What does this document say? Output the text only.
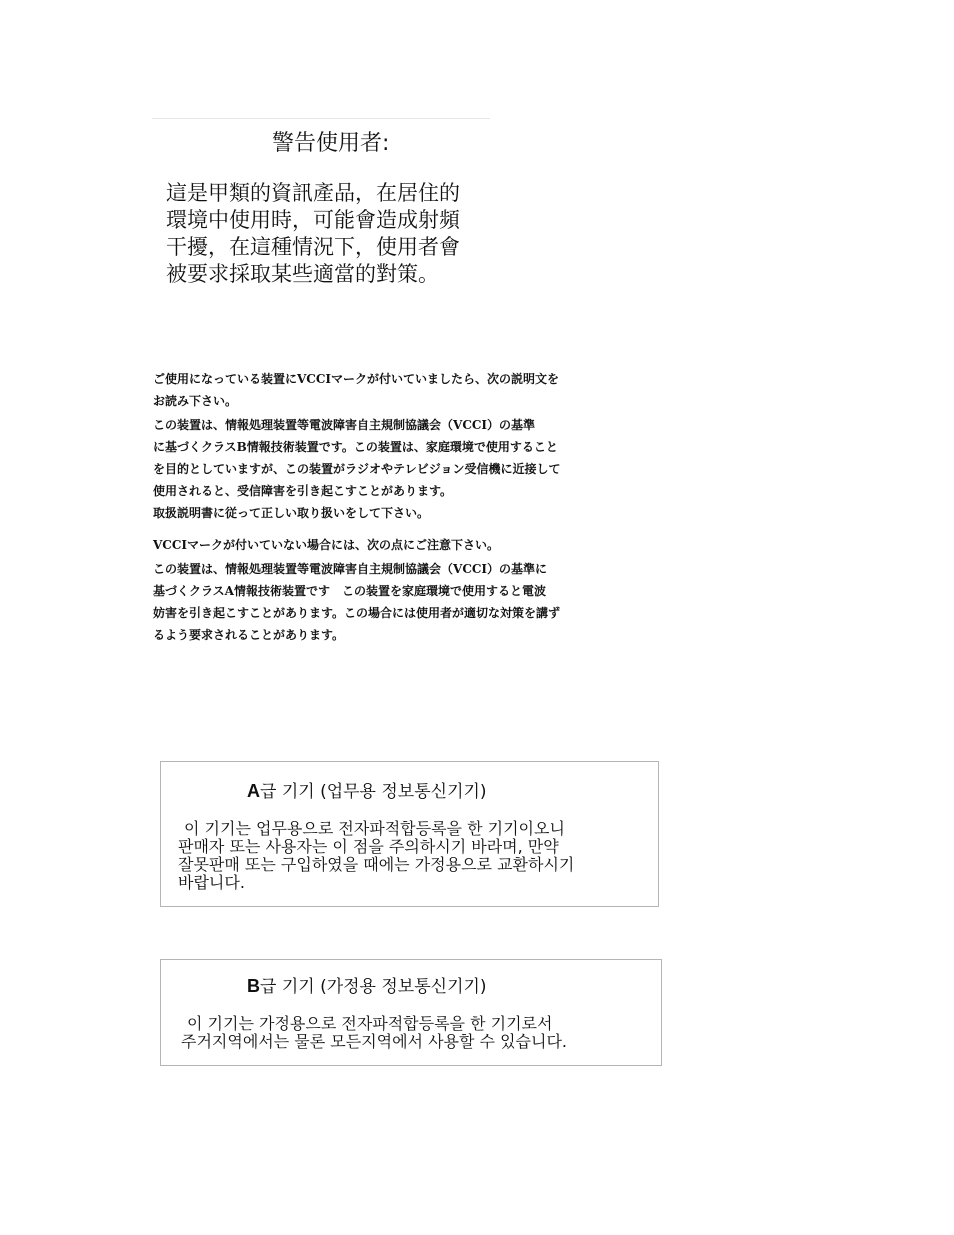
警告使用者:
這是甲類的資訊產品，在居住的
環境中使用時，可能會造成射頻
干擾，在這種情況下，使用者會
被要求採取某些適當的對策。

ご使用になっている装置にVCCIマークが付いていましたら、次の説明文を
お読み下さい。

この装置は、情報処理装置等電波障害自主規制協議会（VCCI）の基準
に基づくクラスB情報技術装置です。この装置は、家庭環境で使用すること
を目的としていますが、この装置がラジオやテレビジョン受信機に近接して
使用されると、受信障害を引き起こすことがあります。
取扱説明書に従って正しい取り扱いをして下さい。

VCCIマークが付いていない場合には、次の点にご注意下さい。

この装置は、情報処理装置等電波障害自主規制協議会（VCCI）の基準に
基づくクラスA情報技術装置です　この装置を家庭環境で使用すると電波
妨害を引き起こすことがあります。この場合には使用者が適切な対策を講ず
るよう要求されることがあります。

A급 기기 (업무용 정보통신기기)
이 기기는 업무용으로 전자파적합등록을 한 기기이오니
판매자 또는 사용자는 이 점을 주의하시기 바라며, 만약
잘못판매 또는 구입하였을 때에는 가정용으로 교환하시기
바랍니다.
B급 기기 (가정용 정보통신기기)
이 기기는 가정용으로 전자파적합등록을 한 기기로서
주거지역에서는 물론 모든지역에서 사용할 수 있습니다.
